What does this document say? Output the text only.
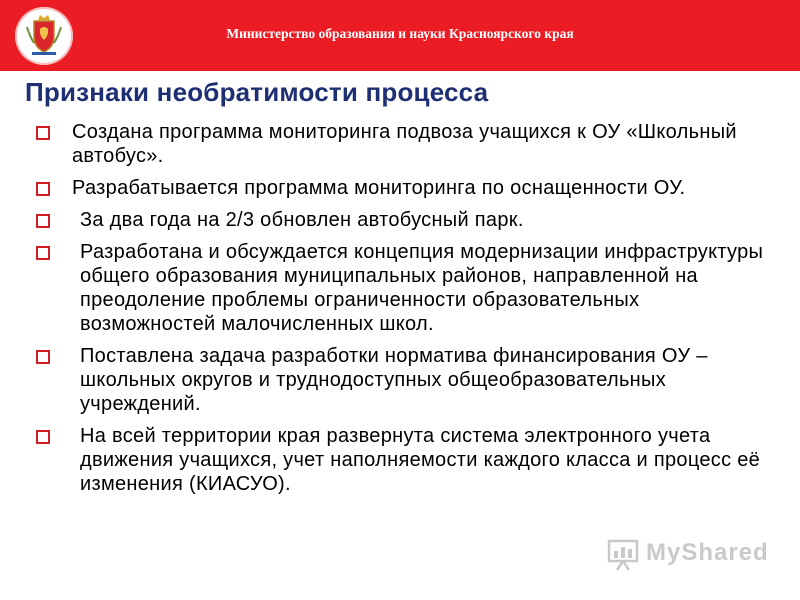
Министерство образования и науки Красноярского края
Признаки необратимости процесса
Создана программа мониторинга подвоза учащихся к ОУ «Школьный автобус».
Разрабатывается программа мониторинга по оснащенности ОУ.
За два года на 2/3 обновлен автобусный парк.
Разработана и обсуждается концепция модернизации инфраструктуры общего образования муниципальных районов, направленной на преодоление проблемы ограниченности образовательных возможностей малочисленных школ.
Поставлена задача разработки норматива финансирования ОУ – школьных округов и труднодоступных общеобразовательных учреждений.
На всей территории края развернута система электронного учета движения учащихся, учет наполняемости каждого класса и процесс её изменения (КИАСУО).
MyShared
